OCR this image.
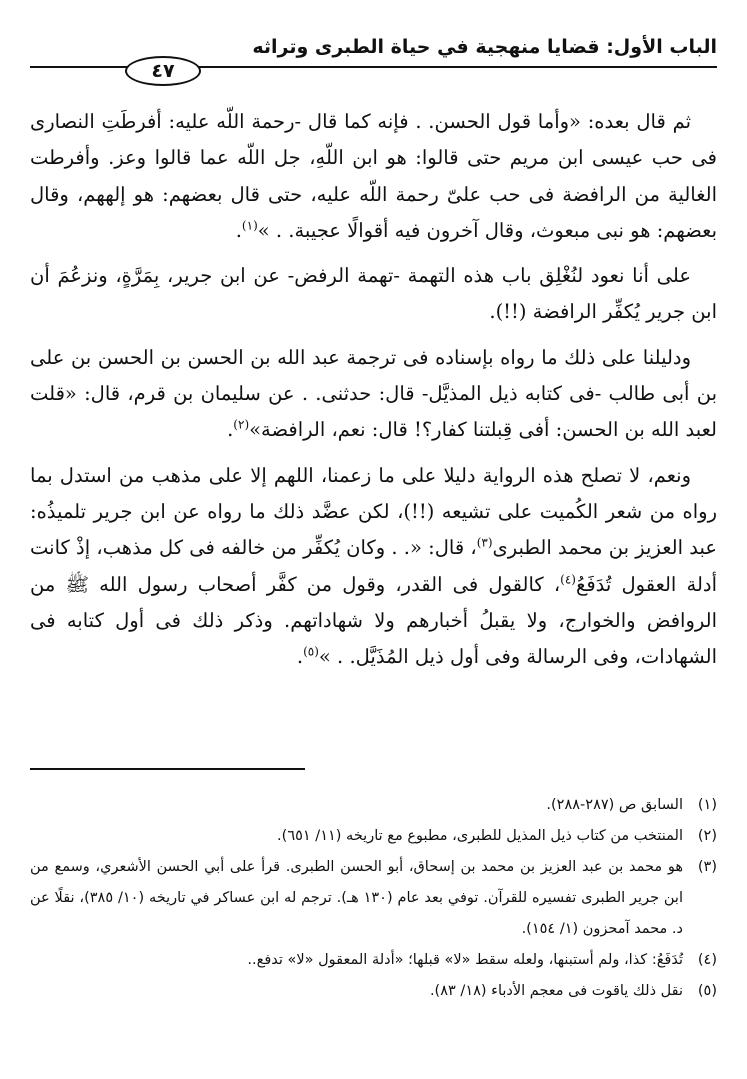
الباب الأول: قضايا منهجية في حياة الطبرى وتراثه
٤٧

ثم قال بعده: «وأما قول الحسن. . فإنه كما قال -رحمة اللّه عليه: أفرطَتِ النصارى فى حب عيسى ابن مريم حتى قالوا: هو ابن اللّهِ، جل اللّه عما قالوا وعز. وأفرطت الغالية من الرافضة فى حب علىّ رحمة اللّه عليه، حتى قال بعضهم: هو إلههم، وقال بعضهم: هو نبى مبعوث، وقال آخرون فيه أقوالًا عجيبة. . »$^{(١)}$.

على أنا نعود لنُغْلِق باب هذه التهمة -تهمة الرفض- عن ابن جرير، بِمَرَّةٍ، ونزعُمَ أن ابن جرير يُكفِّر الرافضة (!!).

ودليلنا على ذلك ما رواه بإسناده فى ترجمة عبد الله بن الحسن بن الحسن بن على بن أبى طالب -فى كتابه ذيل المذيَّل- قال: حدثنى. . عن سليمان بن قرم، قال: «قلت لعبد الله بن الحسن: أفى قِبلتنا كفار؟! قال: نعم، الرافضة»$^{(٢)}$.

ونعم، لا تصلح هذه الرواية دليلا على ما زعمنا، اللهم إلا على مذهب من استدل بما رواه من شعر الكُميت على تشيعه (!!)، لكن عضَّد ذلك ما رواه عن ابن جرير تلميذُه: عبد العزيز بن محمد الطبرى$^{(٣)}$، قال: «. . وكان يُكفِّر من خالفه فى كل مذهب، إذْ كانت أدلة العقول تُدَفَعُ$^{(٤)}$، كالقول فى القدر، وقول من كفَّر أصحاب رسول الله ﷺ من الروافض والخوارج، ولا يقبلُ أخبارهم ولا شهاداتهم. وذكر ذلك فى أول كتابه فى الشهادات، وفى الرسالة وفى أول ذيل المُذَيَّل. . »$^{(٥)}$.

(١)
السابق ص (٢٨٧-٢٨٨).
(٢)
المنتخب من كتاب ذيل المذيل للطبرى، مطبوع مع تاريخه (١١/ ٦٥١).
(٣)
هو محمد بن عبد العزيز بن محمد بن إسحاق، أبو الحسن الطبرى. قرأ على أبي الحسن الأشعري، وسمع من ابن جرير الطبرى تفسيره للقرآن. توفي بعد عام (١٣٠ هـ). ترجم له ابن عساكر في تاريخه (١٠/ ٣٨٥)، نقلًا عن د. محمد آمحزون (١/ ١٥٤).
(٤)
تُدَفَعُ: كذا، ولم أستبنها، ولعله سقط «لا» قبلها؛ «أدلة المعقول «لا» تدفع..
(٥)
نقل ذلك ياقوت فى معجم الأدباء (١٨/ ٨٣).
